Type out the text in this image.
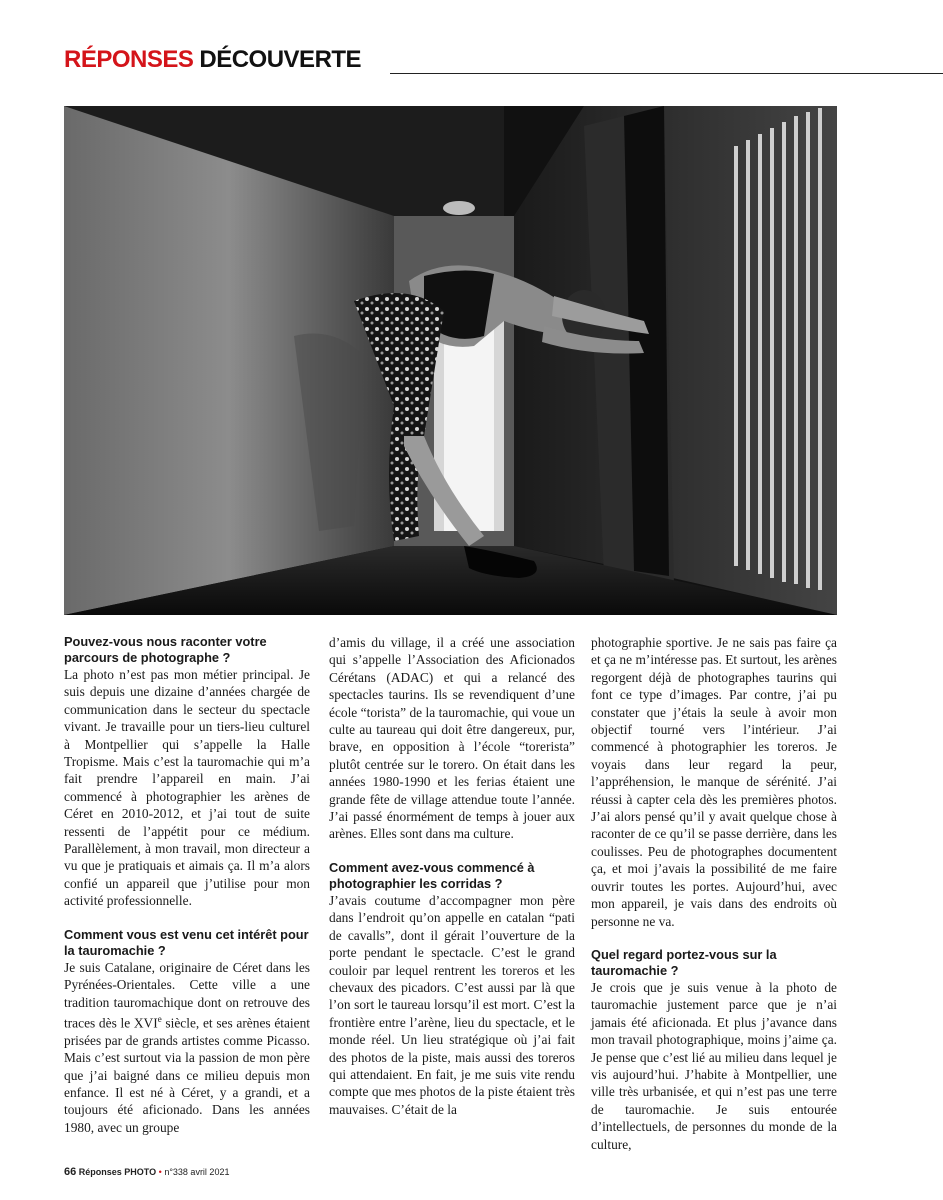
RÉPONSES DÉCOUVERTE

Pouvez-vous nous raconter votre parcours de photographe ?

La photo n’est pas mon métier principal. Je suis depuis une dizaine d’années chargée de communication dans le secteur du spectacle vivant. Je travaille pour un tiers-lieu culturel à Montpellier qui s’appelle la Halle Tropisme. Mais c’est la tauromachie qui m’a fait prendre l’appareil en main. J’ai commencé à photographier les arènes de Céret en 2010-2012, et j’ai tout de suite ressenti de l’appétit pour ce médium. Parallèlement, à mon travail, mon directeur a vu que je pratiquais et aimais ça. Il m’a alors confié un appareil que j’utilise pour mon activité professionnelle.

Comment vous est venu cet intérêt pour la tauromachie ?

Je suis Catalane, originaire de Céret dans les Pyrénées-Orientales. Cette ville a une tradition tauromachique dont on retrouve des traces dès le XVIe siècle, et ses arènes étaient prisées par de grands artistes comme Picasso. Mais c’est surtout via la passion de mon père que j’ai baigné dans ce milieu depuis mon enfance. Il est né à Céret, y a grandi, et a toujours été aficionado. Dans les années 1980, avec un groupe

d’amis du village, il a créé une association qui s’appelle l’Association des Aficionados Cérétans (ADAC) et qui a relancé des spectacles taurins. Ils se revendiquent d’une école “torista” de la tauromachie, qui voue un culte au taureau qui doit être dangereux, pur, brave, en opposition à l’école “torerista” plutôt centrée sur le torero. On était dans les années 1980-1990 et les ferias étaient une grande fête de village attendue toute l’année. J’ai passé énormément de temps à jouer aux arènes. Elles sont dans ma culture.

Comment avez-vous commencé à photographier les corridas ?

J’avais coutume d’accompagner mon père dans l’endroit qu’on appelle en catalan “pati de cavalls”, dont il gérait l’ouverture de la porte pendant le spectacle. C’est le grand couloir par lequel rentrent les toreros et les chevaux des picadors. C’est aussi par là que l’on sort le taureau lorsqu’il est mort. C’est la frontière entre l’arène, lieu du spectacle, et le monde réel. Un lieu stratégique où j’ai fait des photos de la piste, mais aussi des toreros qui attendaient. En fait, je me suis vite rendu compte que mes photos de la piste étaient très mauvaises. C’était de la

photographie sportive. Je ne sais pas faire ça et ça ne m’intéresse pas. Et surtout, les arènes regorgent déjà de photographes taurins qui font ce type d’images. Par contre, j’ai pu constater que j’étais la seule à avoir mon objectif tourné vers l’intérieur. J’ai commencé à photographier les toreros. Je voyais dans leur regard la peur, l’appréhension, le manque de sérénité. J’ai réussi à capter cela dès les premières photos. J’ai alors pensé qu’il y avait quelque chose à raconter de ce qu’il se passe derrière, dans les coulisses. Peu de photographes documentent ça, et moi j’avais la possibilité de me faire ouvrir toutes les portes. Aujourd’hui, avec mon appareil, je vais dans des endroits où personne ne va.

Quel regard portez-vous sur la tauromachie ?

Je crois que je suis venue à la photo de tauromachie justement parce que je n’ai jamais été aficionada. Et plus j’avance dans mon travail photographique, moins j’aime ça. Je pense que c’est lié au milieu dans lequel je vis aujourd’hui. J’habite à Montpellier, une ville très urbanisée, et qui n’est pas une terre de tauromachie. Je suis entourée d’intellectuels, de personnes du monde de la culture,

66 Réponses PHOTO • n°338 avril 2021
